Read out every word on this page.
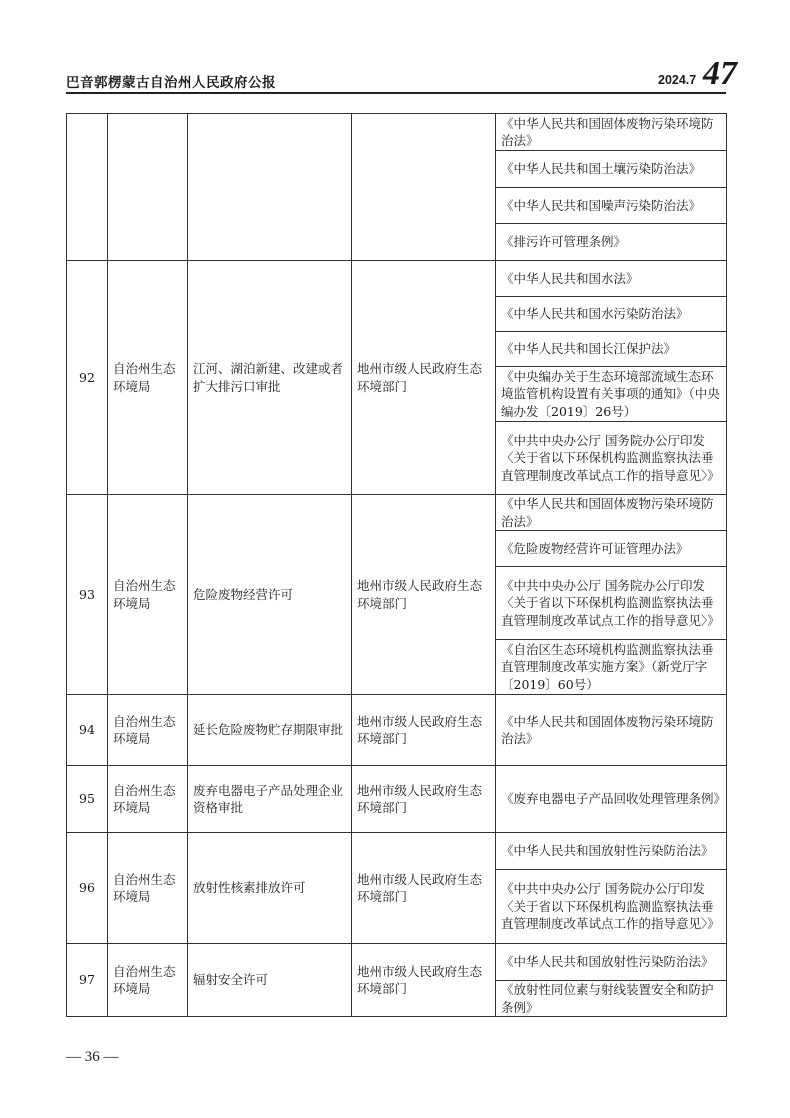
巴音郭楞蒙古自治州人民政府公报	2024.7 47
				《中华人民共和国固体废物污染环境防治法》
				《中华人民共和国土壤污染防治法》
				《中华人民共和国噪声污染防治法》
				《排污许可管理条例》
92	自治州生态环境局	江河、湖泊新建、改建或者扩大排污口审批	地州市级人民政府生态环境部门	《中华人民共和国水法》
				《中华人民共和国水污染防治法》
				《中华人民共和国长江保护法》
				《中央编办关于生态环境部流域生态环境监管机构设置有关事项的通知》（中央编办发〔2019〕26号）
				《中共中央办公厅 国务院办公厅印发〈关于省以下环保机构监测监察执法垂直管理制度改革试点工作的指导意见〉》
93	自治州生态环境局	危险废物经营许可	地州市级人民政府生态环境部门	《中华人民共和国固体废物污染环境防治法》
				《危险废物经营许可证管理办法》
				《中共中央办公厅 国务院办公厅印发〈关于省以下环保机构监测监察执法垂直管理制度改革试点工作的指导意见〉》
				《自治区生态环境机构监测监察执法垂直管理制度改革实施方案》（新党厅字〔2019〕60号）
94	自治州生态环境局	延长危险废物贮存期限审批	地州市级人民政府生态环境部门	《中华人民共和国固体废物污染环境防治法》
95	自治州生态环境局	废弃电器电子产品处理企业资格审批	地州市级人民政府生态环境部门	《废弃电器电子产品回收处理管理条例》
96	自治州生态环境局	放射性核素排放许可	地州市级人民政府生态环境部门	《中华人民共和国放射性污染防治法》
				《中共中央办公厅 国务院办公厅印发〈关于省以下环保机构监测监察执法垂直管理制度改革试点工作的指导意见〉》
97	自治州生态环境局	辐射安全许可	地州市级人民政府生态环境部门	《中华人民共和国放射性污染防治法》
				《放射性同位素与射线装置安全和防护条例》
— 36 —
